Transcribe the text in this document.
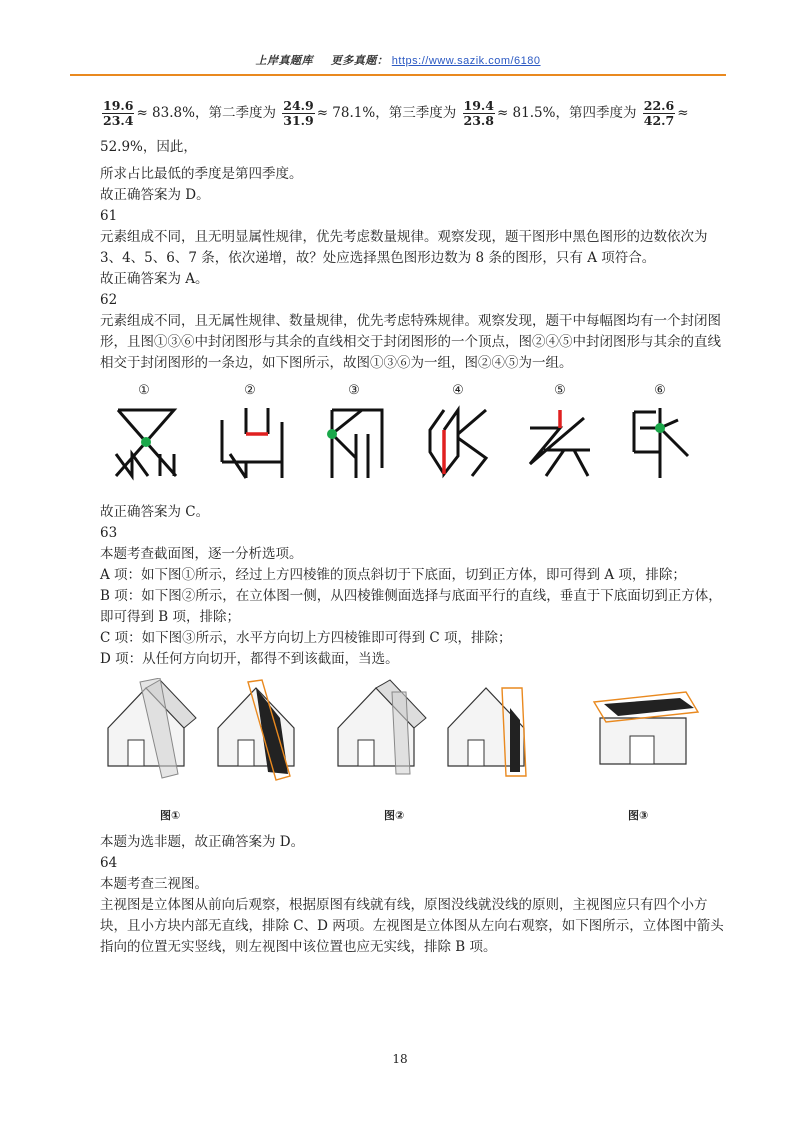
上岸真题库 更多真题： https://www.sazik.com/6180

$\frac{19.6}{23.4} \approx 83.8\%$，第二季度为 $\frac{24.9}{31.9} \approx 78.1\%$，第三季度为 $\frac{19.4}{23.8} \approx 81.5\%$，第四季度为 $\frac{22.6}{42.7} \approx 52.9\%$，因此，

所求占比最低的季度是第四季度。

故正确答案为 D。

61

元素组成不同，且无明显属性规律，优先考虑数量规律。观察发现，题干图形中黑色图形的边数依次为 3、4、5、6、7 条，依次递增，故？处应选择黑色图形边数为 8 条的图形，只有 A 项符合。

故正确答案为 A。

62

元素组成不同，且无属性规律、数量规律，优先考虑特殊规律。观察发现，题干中每幅图均有一个封闭图形，且图①③⑥中封闭图形与其余的直线相交于封闭图形的一个顶点，图②④⑤中封闭图形与其余的直线相交于封闭图形的一条边，如下图所示，故图①③⑥为一组，图②④⑤为一组。

①	②	③	④	⑤	⑥

故正确答案为 C。

63

本题考查截面图，逐一分析选项。

A 项：如下图①所示，经过上方四棱锥的顶点斜切于下底面，切到正方体，即可得到 A 项，排除；

B 项：如下图②所示，在立体图一侧，从四棱锥侧面选择与底面平行的直线，垂直于下底面切到正方体，即可得到 B 项，排除；

C 项：如下图③所示，水平方向切上方四棱锥即可得到 C 项，排除；

D 项：从任何方向切开，都得不到该截面，当选。

图①	图②	图③

本题为选非题，故正确答案为 D。

64

本题考查三视图。

主视图是立体图从前向后观察，根据原图有线就有线，原图没线就没线的原则，主视图应只有四个小方块，且小方块内部无直线，排除 C、D 两项。左视图是立体图从左向右观察，如下图所示，立体图中箭头指向的位置无实竖线，则左视图中该位置也应无实线，排除 B 项。

18
